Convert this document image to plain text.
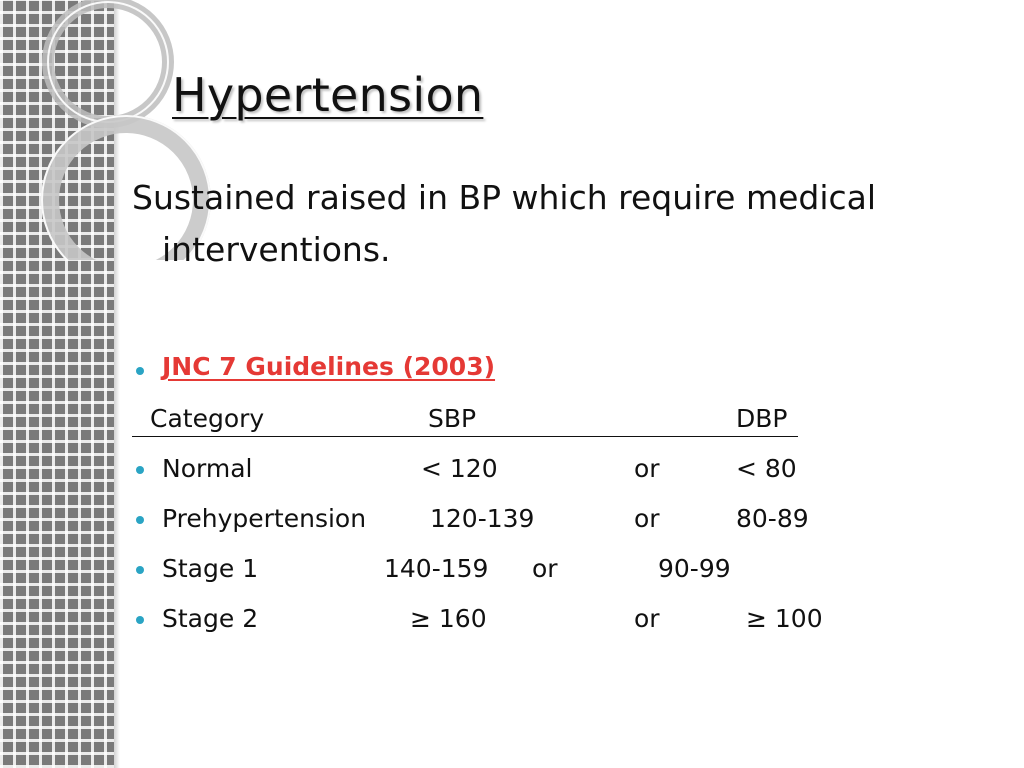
Hypertension

Sustained raised in BP which require medical interventions.

JNC 7 Guidelines (2003)
Category	SBP	DBP
Normal	< 120	or	< 80
Prehypertension	120-139	or	80-89
Stage 1	140-159 or	90-99
Stage 2	≥ 160	or	≥ 100
